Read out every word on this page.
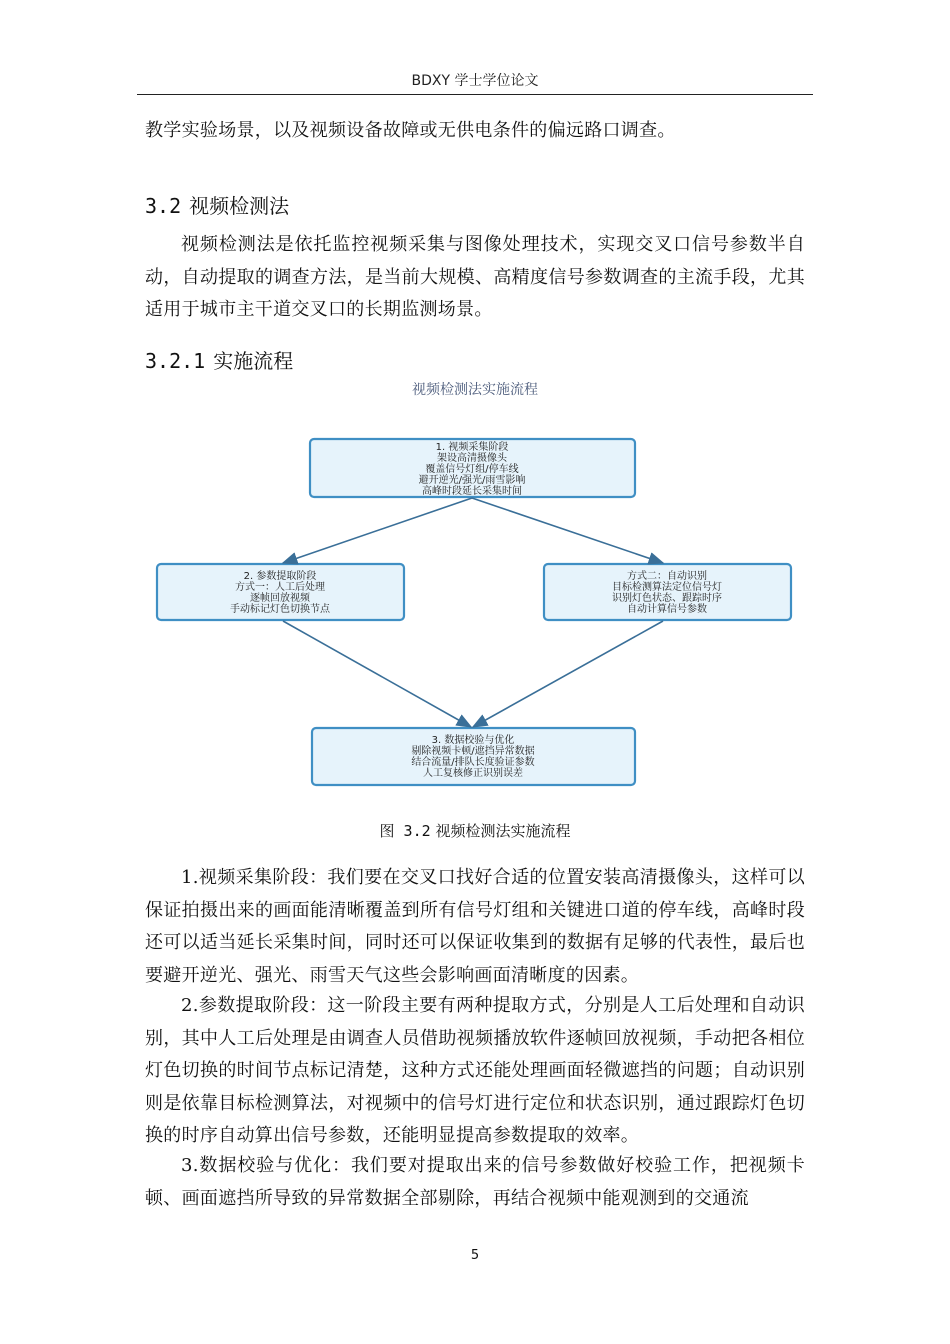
BDXY 学士学位论文
教学实验场景，以及视频设备故障或无供电条件的偏远路口调查。
3.2 视频检测法
视频检测法是依托监控视频采集与图像处理技术，实现交叉口信号参数半自动，自动提取的调查方法，是当前大规模、高精度信号参数调查的主流手段，尤其适用于城市主干道交叉口的长期监测场景。
3.2.1 实施流程
视频检测法实施流程
1. 视频采集阶段
架设高清摄像头
覆盖信号灯组/停车线
避开逆光/强光/雨雪影响
高峰时段延长采集时间
2. 参数提取阶段
方式一：人工后处理
逐帧回放视频
手动标记灯色切换节点
方式二：自动识别
目标检测算法定位信号灯
识别灯色状态、跟踪时序
自动计算信号参数
3. 数据校验与优化
剔除视频卡顿/遮挡异常数据
结合流量/排队长度验证参数
人工复核修正识别误差
图 3.2 视频检测法实施流程
1.视频采集阶段：我们要在交叉口找好合适的位置安装高清摄像头，这样可以保证拍摄出来的画面能清晰覆盖到所有信号灯组和关键进口道的停车线，高峰时段还可以适当延长采集时间，同时还可以保证收集到的数据有足够的代表性，最后也要避开逆光、强光、雨雪天气这些会影响画面清晰度的因素。
2.参数提取阶段：这一阶段主要有两种提取方式，分别是人工后处理和自动识别，其中人工后处理是由调查人员借助视频播放软件逐帧回放视频，手动把各相位灯色切换的时间节点标记清楚，这种方式还能处理画面轻微遮挡的问题；自动识别则是依靠目标检测算法，对视频中的信号灯进行定位和状态识别，通过跟踪灯色切换的时序自动算出信号参数，还能明显提高参数提取的效率。
3.数据校验与优化：我们要对提取出来的信号参数做好校验工作，把视频卡顿、画面遮挡所导致的异常数据全部剔除，再结合视频中能观测到的交通流
5
